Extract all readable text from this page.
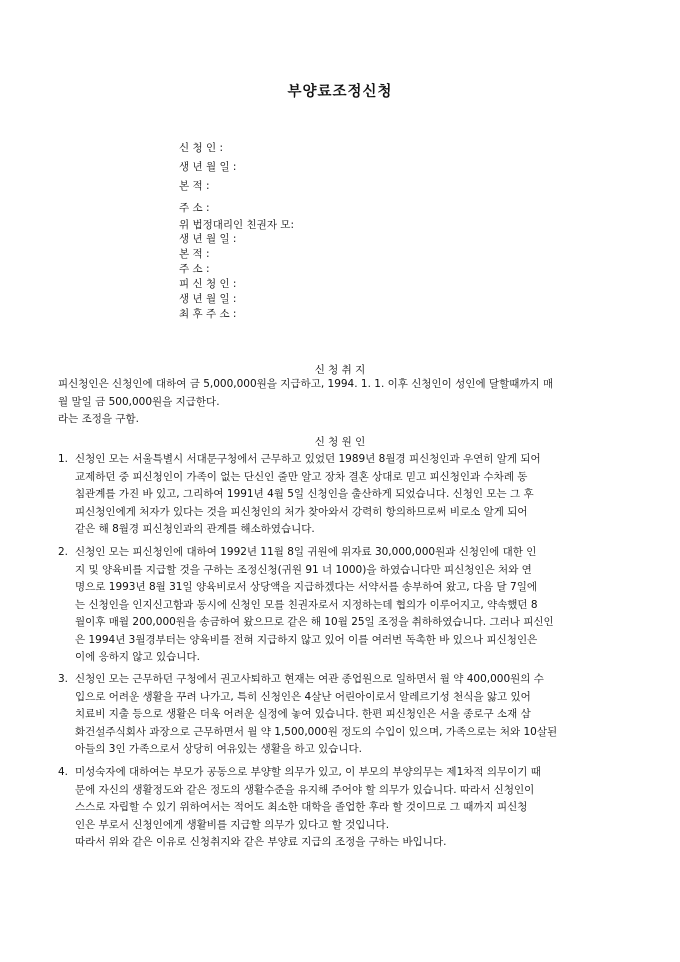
부양료조정신청
신 청 인 :
생 년 월 일 :
본 적 :
주 소 :
위 법정대리인 친권자 모:
생 년 월 일 :
본 적 :
주 소 :
피 신 청 인 :
생 년 월 일 :
최 후 주 소 :
신 청 취 지
피신청인은 신청인에 대하여 금 5,000,000원을 지급하고, 1994. 1. 1. 이후 신청인이 성인에 달할때까지 매
월 말일 금 500,000원을 지급한다.
라는 조정을 구함.
신 청 원 인
1. 신청인 모는 서울특별시 서대문구청에서 근무하고 있었던 1989년 8월경 피신청인과 우연히 알게 되어
교제하던 중 피신청인이 가족이 없는 단신인 줄만 알고 장차 결혼 상대로 믿고 피신청인과 수차례 동
침관계를 가진 바 있고, 그리하여 1991년 4월 5일 신청인을 출산하게 되었습니다. 신청인 모는 그 후
피신청인에게 처자가 있다는 것을 피신청인의 처가 찾아와서 강력히 항의하므로써 비로소 알게 되어
같은 해 8월경 피신청인과의 관계를 해소하였습니다.
2. 신청인 모는 피신청인에 대하여 1992년 11월 8일 귀원에 위자료 30,000,000원과 신청인에 대한 인
지 및 양육비를 지급할 것을 구하는 조정신청(귀원 91 너 1000)을 하였습니다만 피신청인은 처와 연
명으로 1993년 8월 31일 양육비로서 상당액을 지급하겠다는 서약서를 송부하여 왔고, 다음 달 7일에
는 신청인을 인지신고함과 동시에 신청인 모를 친권자로서 지정하는데 협의가 이루어지고, 약속했던 8
월이후 매월 200,000원을 송금하여 왔으므로 같은 해 10월 25일 조정을 취하하였습니다. 그러나 피신인
은 1994년 3월경부터는 양육비를 전혀 지급하지 않고 있어 이를 여러번 독촉한 바 있으나 피신청인은
이에 응하지 않고 있습니다.
3. 신청인 모는 근무하던 구청에서 권고사퇴하고 현재는 여관 종업원으로 일하면서 월 약 400,000원의 수
입으로 어려운 생활을 꾸려 나가고, 특히 신청인은 4살난 어린아이로서 알레르기성 천식을 앓고 있어
치료비 지출 등으로 생활은 더욱 어려운 실정에 놓여 있습니다. 한편 피신청인은 서울 종로구 소재 삼
화건설주식회사 과장으로 근무하면서 월 약 1,500,000원 정도의 수입이 있으며, 가족으로는 처와 10살된
아들의 3인 가족으로서 상당히 여유있는 생활을 하고 있습니다.
4. 미성숙자에 대하여는 부모가 공동으로 부양할 의무가 있고, 이 부모의 부양의무는 제1차적 의무이기 때
문에 자신의 생활정도와 같은 정도의 생활수준을 유지해 주어야 할 의무가 있습니다. 따라서 신청인이
스스로 자립할 수 있기 위하여서는 적어도 최소한 대학을 졸업한 후라 할 것이므로 그 때까지 피신청
인은 부로서 신청인에게 생활비를 지급할 의무가 있다고 할 것입니다.
따라서 위와 같은 이유로 신청취지와 같은 부양료 지급의 조정을 구하는 바입니다.
